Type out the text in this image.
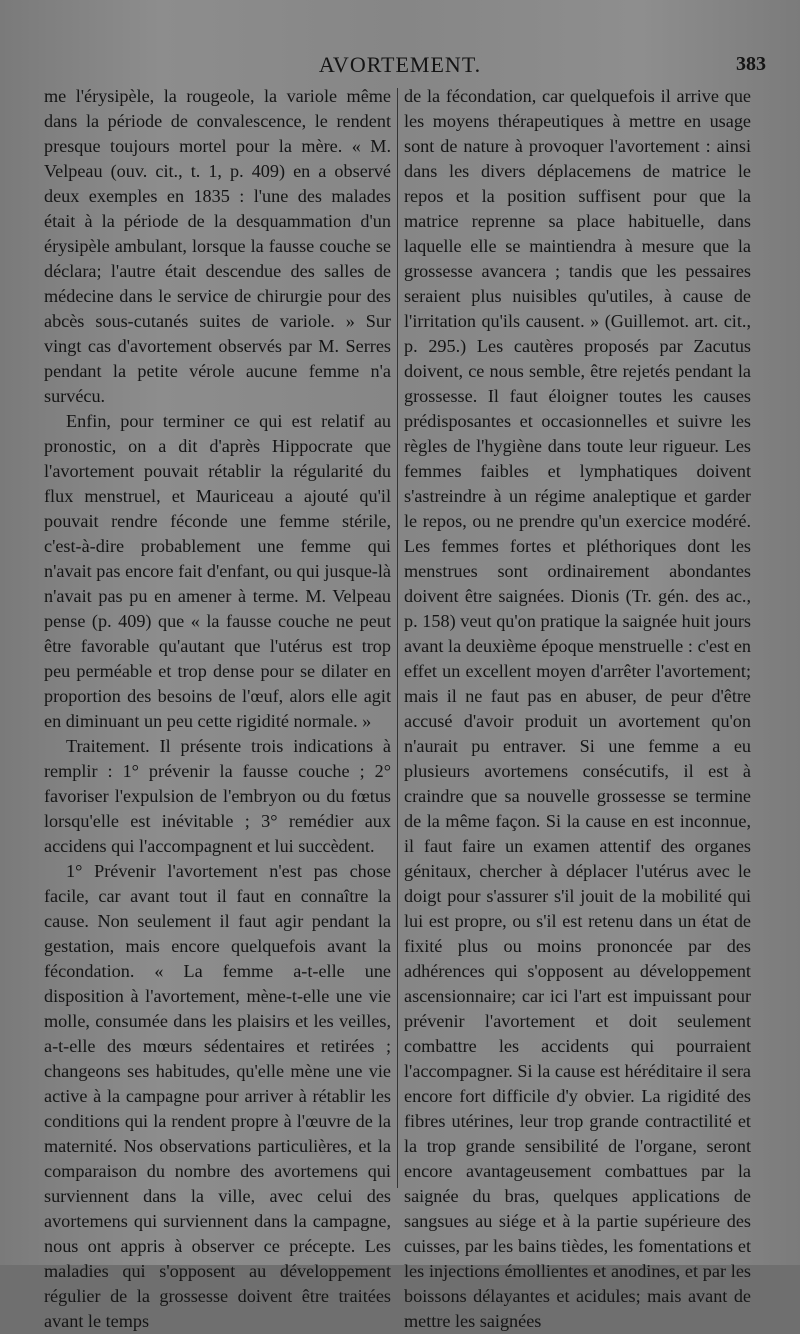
AVORTEMENT.	383

me l'érysipèle, la rougeole, la variole même dans la période de convalescence, le rendent presque toujours mortel pour la mère. « M. Velpeau (ouv. cit., t. 1, p. 409) en a observé deux exemples en 1835 : l'une des malades était à la période de la desquammation d'un érysipèle ambulant, lorsque la fausse couche se déclara; l'autre était descendue des salles de médecine dans le service de chirurgie pour des abcès sous-cutanés suites de variole. » Sur vingt cas d'avortement observés par M. Serres pendant la petite vérole aucune femme n'a survécu.

Enfin, pour terminer ce qui est relatif au pronostic, on a dit d'après Hippocrate que l'avortement pouvait rétablir la régularité du flux menstruel, et Mauriceau a ajouté qu'il pouvait rendre féconde une femme stérile, c'est-à-dire probablement une femme qui n'avait pas encore fait d'enfant, ou qui jusque-là n'avait pas pu en amener à terme. M. Velpeau pense (p. 409) que « la fausse couche ne peut être favorable qu'autant que l'utérus est trop peu perméable et trop dense pour se dilater en proportion des besoins de l'œuf, alors elle agit en diminuant un peu cette rigidité normale. »

Traitement. Il présente trois indications à remplir : 1° prévenir la fausse couche ; 2° favoriser l'expulsion de l'embryon ou du fœtus lorsqu'elle est inévitable ; 3° remédier aux accidens qui l'accompagnent et lui succèdent.

1° Prévenir l'avortement n'est pas chose facile, car avant tout il faut en connaître la cause. Non seulement il faut agir pendant la gestation, mais encore quelquefois avant la fécondation. « La femme a-t-elle une disposition à l'avortement, mène-t-elle une vie molle, consumée dans les plaisirs et les veilles, a-t-elle des mœurs sédentaires et retirées ; changeons ses habitudes, qu'elle mène une vie active à la campagne pour arriver à rétablir les conditions qui la rendent propre à l'œuvre de la maternité. Nos observations particulières, et la comparaison du nombre des avortemens qui surviennent dans la ville, avec celui des avortemens qui surviennent dans la campagne, nous ont appris à observer ce précepte. Les maladies qui s'opposent au développement régulier de la grossesse doivent être traitées avant le temps

de la fécondation, car quelquefois il arrive que les moyens thérapeutiques à mettre en usage sont de nature à provoquer l'avortement : ainsi dans les divers déplacemens de matrice le repos et la position suffisent pour que la matrice reprenne sa place habituelle, dans laquelle elle se maintiendra à mesure que la grossesse avancera ; tandis que les pessaires seraient plus nuisibles qu'utiles, à cause de l'irritation qu'ils causent. » (Guillemot. art. cit., p. 295.) Les cautères proposés par Zacutus doivent, ce nous semble, être rejetés pendant la grossesse. Il faut éloigner toutes les causes prédisposantes et occasionnelles et suivre les règles de l'hygiène dans toute leur rigueur. Les femmes faibles et lymphatiques doivent s'astreindre à un régime analeptique et garder le repos, ou ne prendre qu'un exercice modéré. Les femmes fortes et pléthoriques dont les menstrues sont ordinairement abondantes doivent être saignées. Dionis (Tr. gén. des ac., p. 158) veut qu'on pratique la saignée huit jours avant la deuxième époque menstruelle : c'est en effet un excellent moyen d'arrêter l'avortement; mais il ne faut pas en abuser, de peur d'être accusé d'avoir produit un avortement qu'on n'aurait pu entraver. Si une femme a eu plusieurs avortemens consécutifs, il est à craindre que sa nouvelle grossesse se termine de la même façon. Si la cause en est inconnue, il faut faire un examen attentif des organes génitaux, chercher à déplacer l'utérus avec le doigt pour s'assurer s'il jouit de la mobilité qui lui est propre, ou s'il est retenu dans un état de fixité plus ou moins prononcée par des adhérences qui s'opposent au développement ascensionnaire; car ici l'art est impuissant pour prévenir l'avortement et doit seulement combattre les accidents qui pourraient l'accompagner. Si la cause est héréditaire il sera encore fort difficile d'y obvier. La rigidité des fibres utérines, leur trop grande contractilité et la trop grande sensibilité de l'organe, seront encore avantageusement combattues par la saignée du bras, quelques applications de sangsues au siége et à la partie supérieure des cuisses, par les bains tièdes, les fomentations et les injections émollientes et anodines, et par les boissons délayantes et acidules; mais avant de mettre les saignées
